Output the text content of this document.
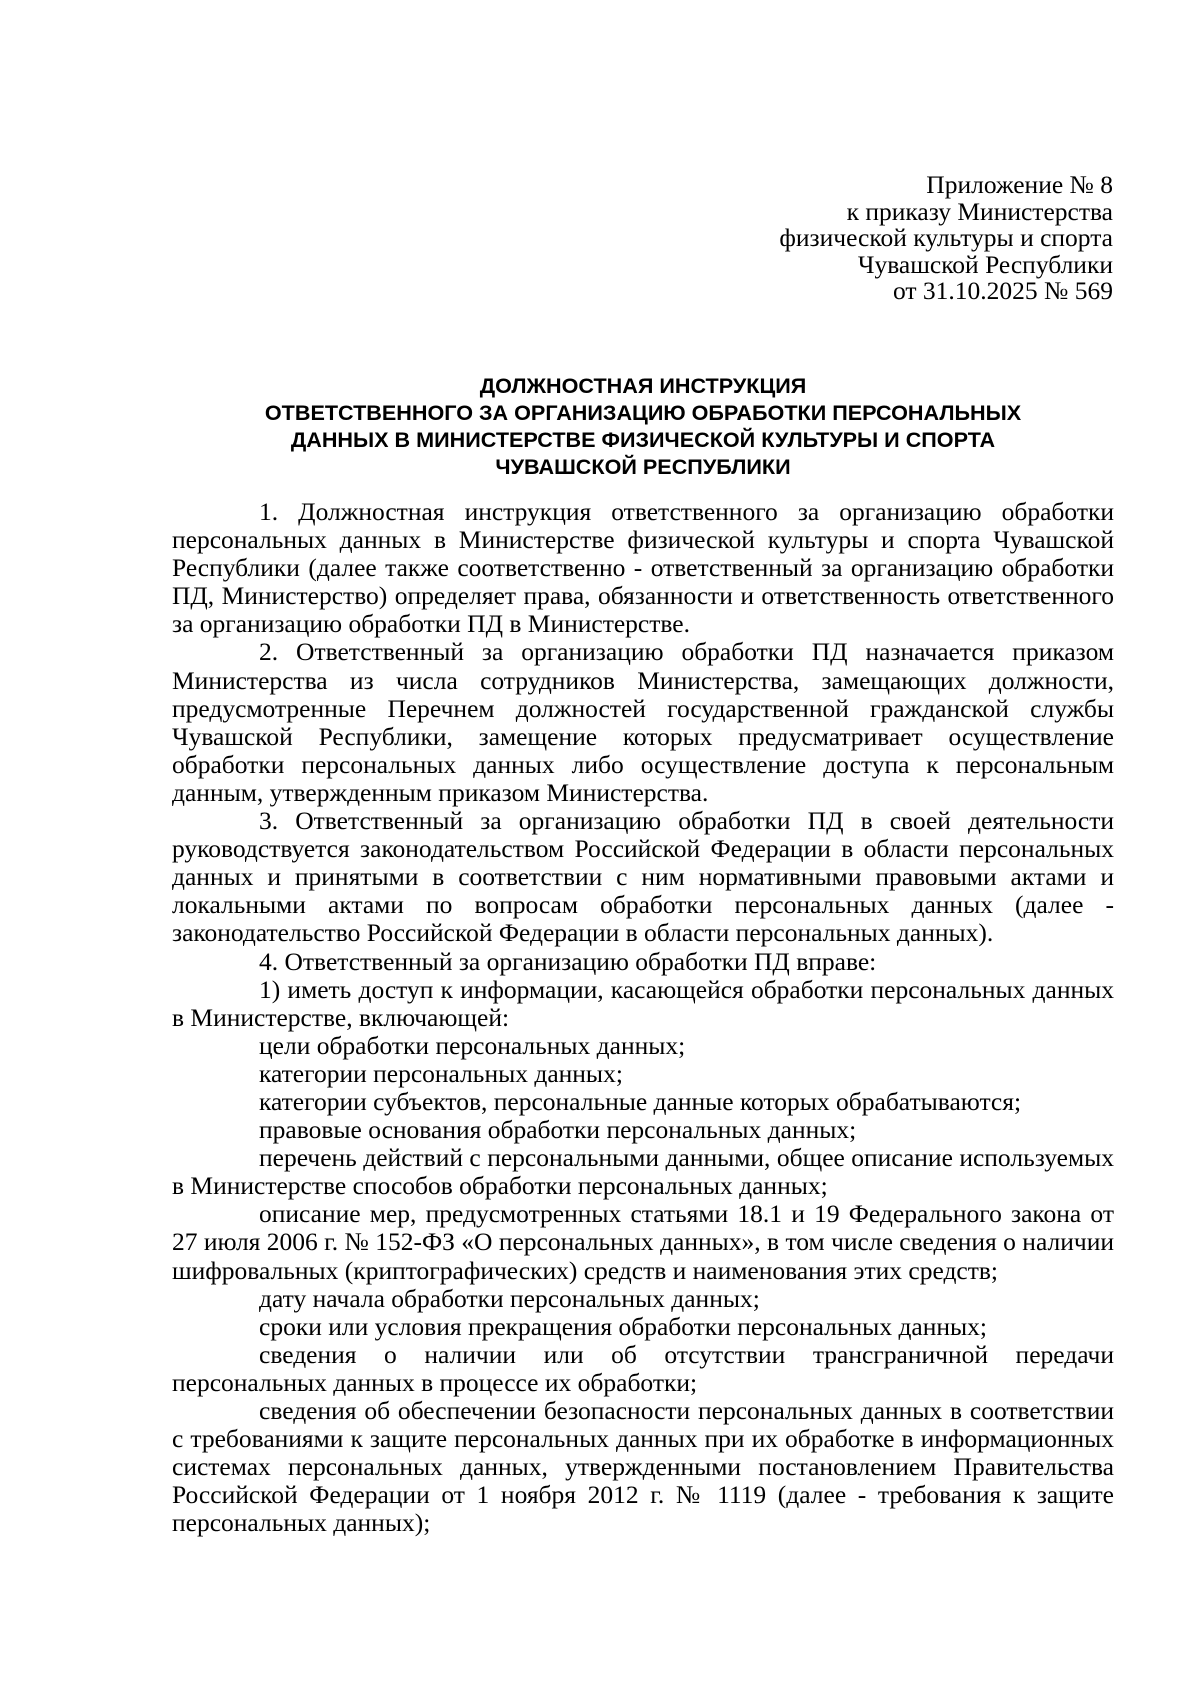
Приложение № 8
к приказу Министерства
физической культуры и спорта
Чувашской Республики
от 31.10.2025 № 569
ДОЛЖНОСТНАЯ ИНСТРУКЦИЯ
ОТВЕТСТВЕННОГО ЗА ОРГАНИЗАЦИЮ ОБРАБОТКИ ПЕРСОНАЛЬНЫХ
ДАННЫХ В МИНИСТЕРСТВЕ ФИЗИЧЕСКОЙ КУЛЬТУРЫ И СПОРТА
ЧУВАШСКОЙ РЕСПУБЛИКИ

1. Должностная инструкция ответственного за организацию обработки персональных данных в Министерстве физической культуры и спорта Чувашской Республики (далее также соответственно - ответственный за организацию обработки ПД, Министерство) определяет права, обязанности и ответственность ответственного за организацию обработки ПД в Министерстве.

2. Ответственный за организацию обработки ПД назначается приказом Министерства из числа сотрудников Министерства, замещающих должности, предусмотренные Перечнем должностей государственной гражданской службы Чувашской Республики, замещение которых предусматривает осуществление обработки персональных данных либо осуществление доступа к персональным данным, утвержденным приказом Министерства.

3. Ответственный за организацию обработки ПД в своей деятельности руководствуется законодательством Российской Федерации в области персональных данных и принятыми в соответствии с ним нормативными правовыми актами и локальными актами по вопросам обработки персональных данных (далее - законодательство Российской Федерации в области персональных данных).

4. Ответственный за организацию обработки ПД вправе:

1) иметь доступ к информации, касающейся обработки персональных данных в Министерстве, включающей:

цели обработки персональных данных;

категории персональных данных;

категории субъектов, персональные данные которых обрабатываются;

правовые основания обработки персональных данных;

перечень действий с персональными данными, общее описание используемых в Министерстве способов обработки персональных данных;

описание мер, предусмотренных статьями 18.1 и 19 Федерального закона от 27 июля 2006 г. № 152-ФЗ «О персональных данных», в том числе сведения о наличии шифровальных (криптографических) средств и наименования этих средств;

дату начала обработки персональных данных;

сроки или условия прекращения обработки персональных данных;

сведения о наличии или об отсутствии трансграничной передачи персональных данных в процессе их обработки;

сведения об обеспечении безопасности персональных данных в соответствии с требованиями к защите персональных данных при их обработке в информационных системах персональных данных, утвержденными постановлением Правительства Российской Федерации от 1 ноября 2012 г. № 1119 (далее - требования к защите персональных данных);
